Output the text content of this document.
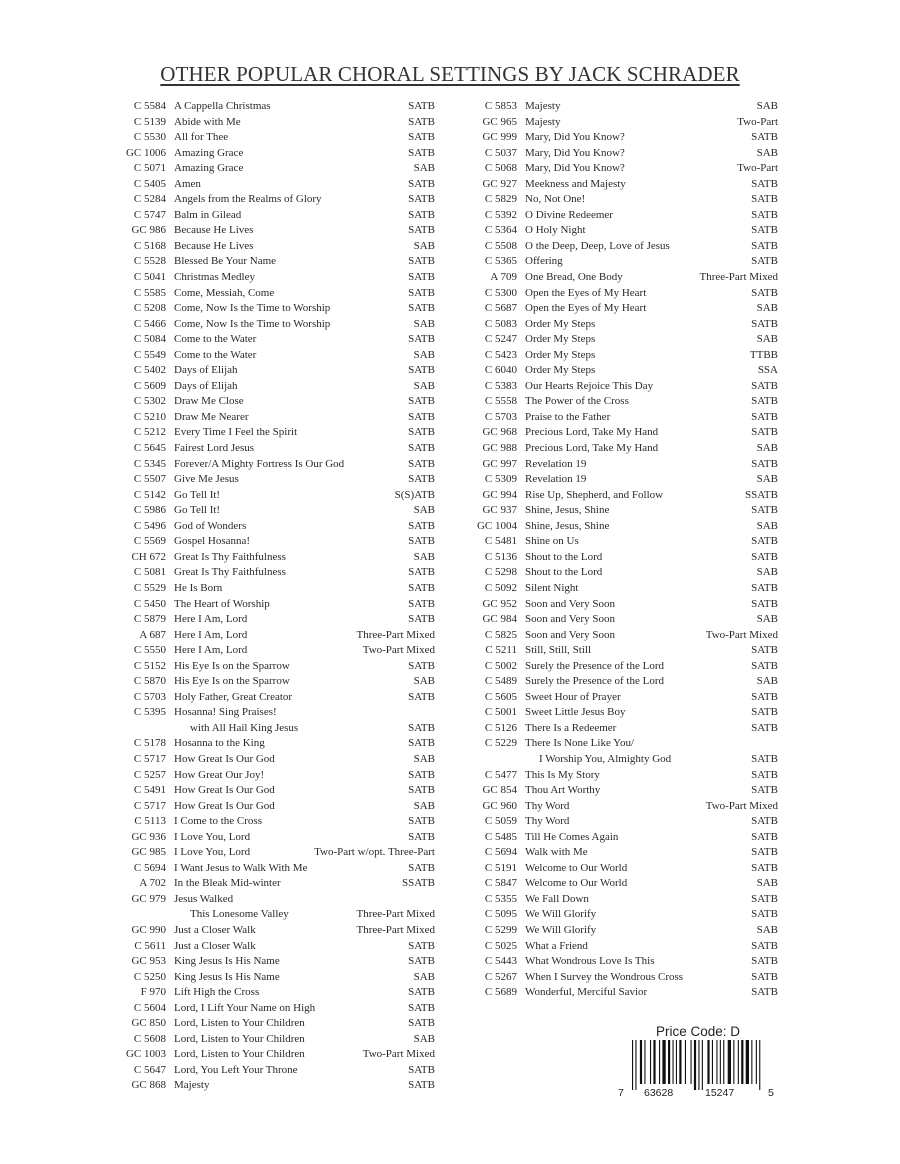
OTHER POPULAR CHORAL SETTINGS BY JACK SCHRADER
C 5584 A Cappella Christmas	SATB
C 5139 Abide with Me	SATB
C 5530 All for Thee	SATB
GC 1006 Amazing Grace	SATB
C 5071 Amazing Grace	SAB
C 5405 Amen	SATB
C 5284 Angels from the Realms of Glory	SATB
C 5747 Balm in Gilead	SATB
GC 986 Because He Lives	SATB
C 5168 Because He Lives	SAB
C 5528 Blessed Be Your Name	SATB
C 5041 Christmas Medley	SATB
C 5585 Come, Messiah, Come	SATB
C 5208 Come, Now Is the Time to Worship	SATB
C 5466 Come, Now Is the Time to Worship	SAB
C 5084 Come to the Water	SATB
C 5549 Come to the Water	SAB
C 5402 Days of Elijah	SATB
C 5609 Days of Elijah	SAB
C 5302 Draw Me Close	SATB
C 5210 Draw Me Nearer	SATB
C 5212 Every Time I Feel the Spirit	SATB
C 5645 Fairest Lord Jesus	SATB
C 5345 Forever/A Mighty Fortress Is Our God	SATB
C 5507 Give Me Jesus	SATB
C 5142 Go Tell It!	S(S)ATB
C 5986 Go Tell It!	SAB
C 5496 God of Wonders	SATB
C 5569 Gospel Hosanna!	SATB
CH 672 Great Is Thy Faithfulness	SAB
C 5081 Great Is Thy Faithfulness	SATB
C 5529 He Is Born	SATB
C 5450 The Heart of Worship	SATB
C 5879 Here I Am, Lord	SATB
A 687 Here I Am, Lord	Three-Part Mixed
C 5550 Here I Am, Lord	Two-Part Mixed
C 5152 His Eye Is on the Sparrow	SATB
C 5870 His Eye Is on the Sparrow	SAB
C 5703 Holy Father, Great Creator	SATB
C 5395 Hosanna! Sing Praises!
with All Hail King Jesus	SATB
C 5178 Hosanna to the King	SATB
C 5717 How Great Is Our God	SAB
C 5257 How Great Our Joy!	SATB
C 5491 How Great Is Our God	SATB
C 5717 How Great Is Our God	SAB
C 5113 I Come to the Cross	SATB
GC 936 I Love You, Lord	SATB
GC 985 I Love You, Lord	Two-Part w/opt. Three-Part
C 5694 I Want Jesus to Walk With Me	SATB
A 702 In the Bleak Mid-winter	SSATB
GC 979 Jesus Walked
This Lonesome Valley	Three-Part Mixed
GC 990 Just a Closer Walk	Three-Part Mixed
C 5611 Just a Closer Walk	SATB
GC 953 King Jesus Is His Name	SATB
C 5250 King Jesus Is His Name	SAB
F 970 Lift High the Cross	SATB
C 5604 Lord, I Lift Your Name on High	SATB
GC 850 Lord, Listen to Your Children	SATB
C 5608 Lord, Listen to Your Children	SAB
GC 1003 Lord, Listen to Your Children	Two-Part Mixed
C 5647 Lord, You Left Your Throne	SATB
GC 868 Majesty	SATB
C 5853 Majesty	SAB
GC 965 Majesty	Two-Part
GC 999 Mary, Did You Know?	SATB
C 5037 Mary, Did You Know?	SAB
C 5068 Mary, Did You Know?	Two-Part
GC 927 Meekness and Majesty	SATB
C 5829 No, Not One!	SATB
C 5392 O Divine Redeemer	SATB
C 5364 O Holy Night	SATB
C 5508 O the Deep, Deep, Love of Jesus	SATB
C 5365 Offering	SATB
A 709 One Bread, One Body	Three-Part Mixed
C 5300 Open the Eyes of My Heart	SATB
C 5687 Open the Eyes of My Heart	SAB
C 5083 Order My Steps	SATB
C 5247 Order My Steps	SAB
C 5423 Order My Steps	TTBB
C 6040 Order My Steps	SSA
C 5383 Our Hearts Rejoice This Day	SATB
C 5558 The Power of the Cross	SATB
C 5703 Praise to the Father	SATB
GC 968 Precious Lord, Take My Hand	SATB
GC 988 Precious Lord, Take My Hand	SAB
GC 997 Revelation 19	SATB
C 5309 Revelation 19	SAB
GC 994 Rise Up, Shepherd, and Follow	SSATB
GC 937 Shine, Jesus, Shine	SATB
GC 1004 Shine, Jesus, Shine	SAB
C 5481 Shine on Us	SATB
C 5136 Shout to the Lord	SATB
C 5298 Shout to the Lord	SAB
C 5092 Silent Night	SATB
GC 952 Soon and Very Soon	SATB
GC 984 Soon and Very Soon	SAB
C 5825 Soon and Very Soon	Two-Part Mixed
C 5211 Still, Still, Still	SATB
C 5002 Surely the Presence of the Lord	SATB
C 5489 Surely the Presence of the Lord	SAB
C 5605 Sweet Hour of Prayer	SATB
C 5001 Sweet Little Jesus Boy	SATB
C 5126 There Is a Redeemer	SATB
C 5229 There Is None Like You/
I Worship You, Almighty God	SATB
C 5477 This Is My Story	SATB
GC 854 Thou Art Worthy	SATB
GC 960 Thy Word	Two-Part Mixed
C 5059 Thy Word	SATB
C 5485 Till He Comes Again	SATB
C 5694 Walk with Me	SATB
C 5191 Welcome to Our World	SATB
C 5847 Welcome to Our World	SAB
C 5355 We Fall Down	SATB
C 5095 We Will Glorify	SATB
C 5299 We Will Glorify	SAB
C 5025 What a Friend	SATB
C 5443 What Wondrous Love Is This	SATB
C 5267 When I Survey the Wondrous Cross	SATB
C 5689 Wonderful, Merciful Savior	SATB
Price Code: D
7 63628	15247	5
